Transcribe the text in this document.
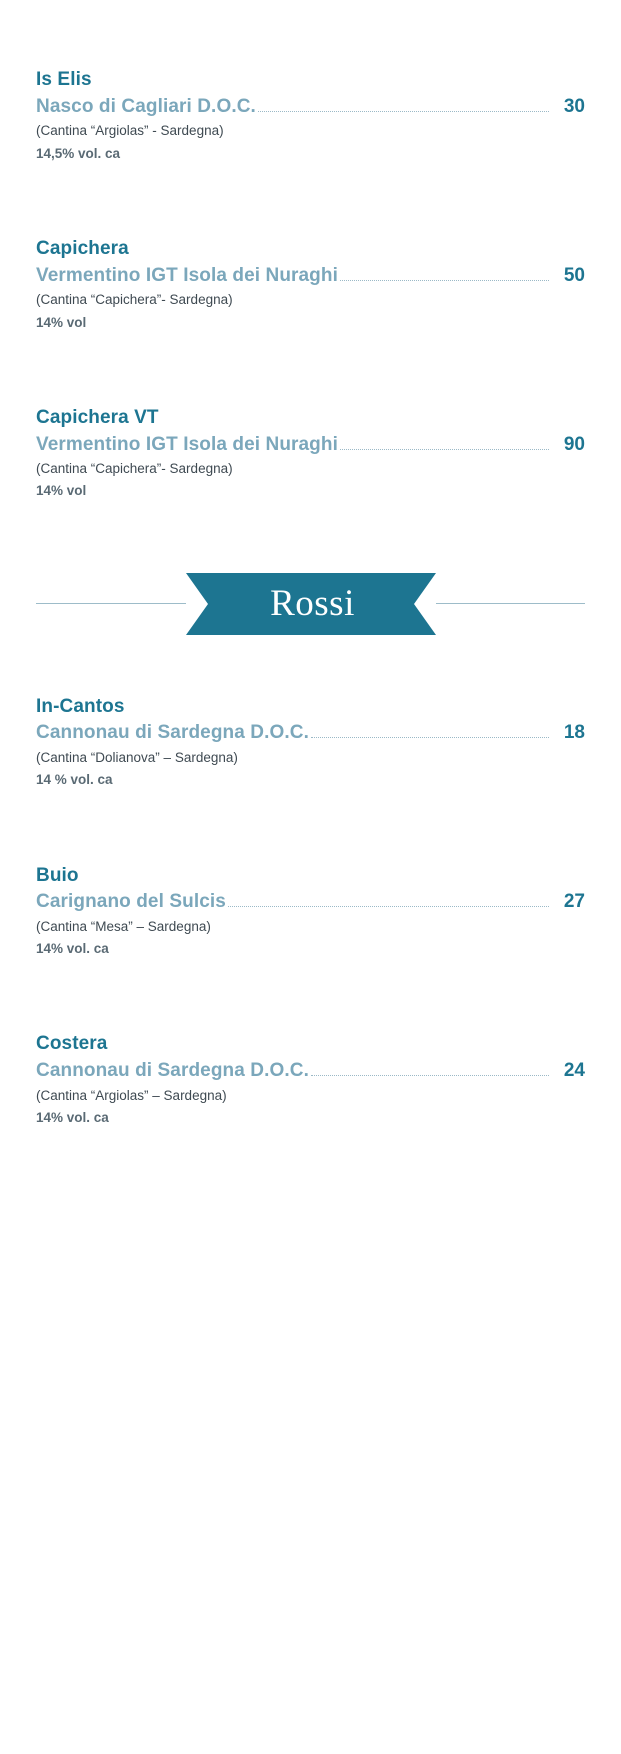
Is Elis
Nasco di Cagliari D.O.C.	30
(Cantina “Argiolas” - Sardegna)
14,5% vol. ca
Capichera
Vermentino IGT Isola dei Nuraghi	50
(Cantina “Capichera”- Sardegna)
14% vol
Capichera VT
Vermentino IGT Isola dei Nuraghi	90
(Cantina “Capichera”- Sardegna)
14% vol
Rossi
In-Cantos
Cannonau di Sardegna D.O.C.	18
(Cantina “Dolianova” – Sardegna)
14 % vol. ca
Buio
Carignano del Sulcis	27
(Cantina “Mesa” – Sardegna)
14% vol. ca
Costera
Cannonau di Sardegna D.O.C.	24
(Cantina “Argiolas” – Sardegna)
14% vol. ca
